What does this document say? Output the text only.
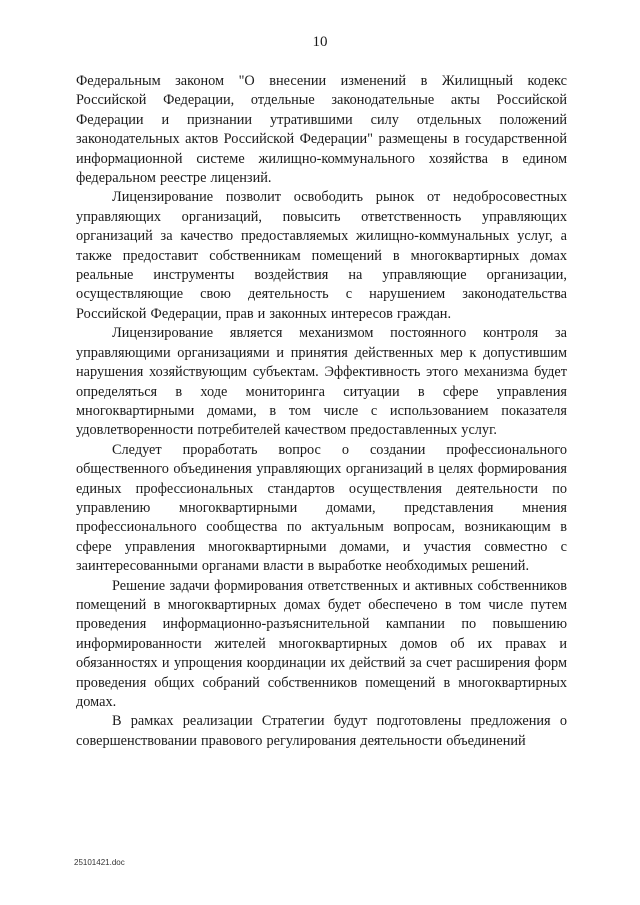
10

Федеральным законом "О внесении изменений в Жилищный кодекс Российской Федерации, отдельные законодательные акты Российской Федерации и признании утратившими силу отдельных положений законодательных актов Российской Федерации" размещены в государственной информационной системе жилищно-коммунального хозяйства в едином федеральном реестре лицензий.

Лицензирование позволит освободить рынок от недобросовестных управляющих организаций, повысить ответственность управляющих организаций за качество предоставляемых жилищно-коммунальных услуг, а также предоставит собственникам помещений в многоквартирных домах реальные инструменты воздействия на управляющие организации, осуществляющие свою деятельность с нарушением законодательства Российской Федерации, прав и законных интересов граждан.

Лицензирование является механизмом постоянного контроля за управляющими организациями и принятия действенных мер к допустившим нарушения хозяйствующим субъектам. Эффективность этого механизма будет определяться в ходе мониторинга ситуации в сфере управления многоквартирными домами, в том числе с использованием показателя удовлетворенности потребителей качеством предоставленных услуг.

Следует проработать вопрос о создании профессионального общественного объединения управляющих организаций в целях формирования единых профессиональных стандартов осуществления деятельности по управлению многоквартирными домами, представления мнения профессионального сообщества по актуальным вопросам, возникающим в сфере управления многоквартирными домами, и участия совместно с заинтересованными органами власти в выработке необходимых решений.

Решение задачи формирования ответственных и активных собственников помещений в многоквартирных домах будет обеспечено в том числе путем проведения информационно-разъяснительной кампании по повышению информированности жителей многоквартирных домов об их правах и обязанностях и упрощения координации их действий за счет расширения форм проведения общих собраний собственников помещений в многоквартирных домах.

В рамках реализации Стратегии будут подготовлены предложения о совершенствовании правового регулирования деятельности объединений

25101421.doc
